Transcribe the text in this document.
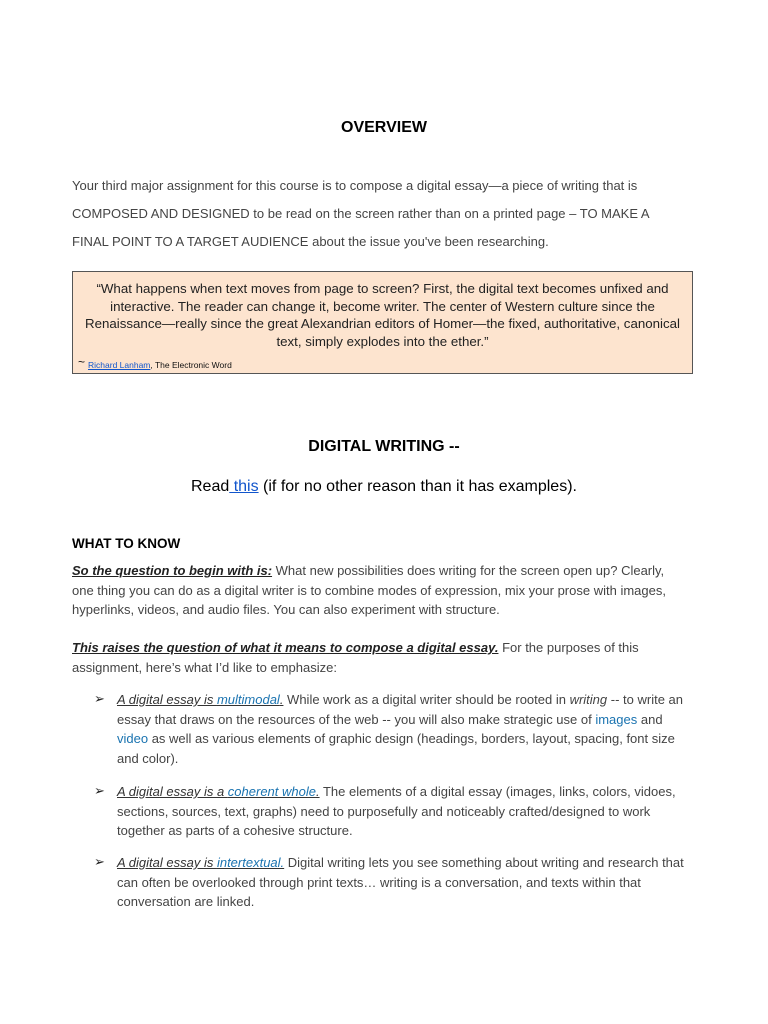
OVERVIEW
Your third major assignment for this course is to compose a digital essay—a piece of writing that is
COMPOSED AND DESIGNED to be read on the screen rather than on a printed page – TO MAKE A
FINAL POINT TO A TARGET AUDIENCE about the issue you've been researching.
“What happens when text moves from page to screen? First, the digital text becomes unfixed and interactive. The reader can change it, become writer. The center of Western culture since the Renaissance—really since the great Alexandrian editors of Homer—the fixed, authoritative, canonical text, simply explodes into the ether.”
~ Richard Lanham, The Electronic Word
DIGITAL WRITING --
Read this (if for no other reason than it has examples).
WHAT TO KNOW
So the question to begin with is: What new possibilities does writing for the screen open up? Clearly, one thing you can do as a digital writer is to combine modes of expression, mix your prose with images, hyperlinks, videos, and audio files. You can also experiment with structure.
This raises the question of what it means to compose a digital essay. For the purposes of this assignment, here’s what I’d like to emphasize:
➢ A digital essay is multimodal. While work as a digital writer should be rooted in writing -- to write an essay that draws on the resources of the web -- you will also make strategic use of images and video as well as various elements of graphic design (headings, borders, layout, spacing, font size and color).
➢ A digital essay is a coherent whole. The elements of a digital essay (images, links, colors, vidoes, sections, sources, text, graphs) need to purposefully and noticeably crafted/designed to work together as parts of a cohesive structure.
➢ A digital essay is intertextual. Digital writing lets you see something about writing and research that can often be overlooked through print texts… writing is a conversation, and texts within that conversation are linked.
